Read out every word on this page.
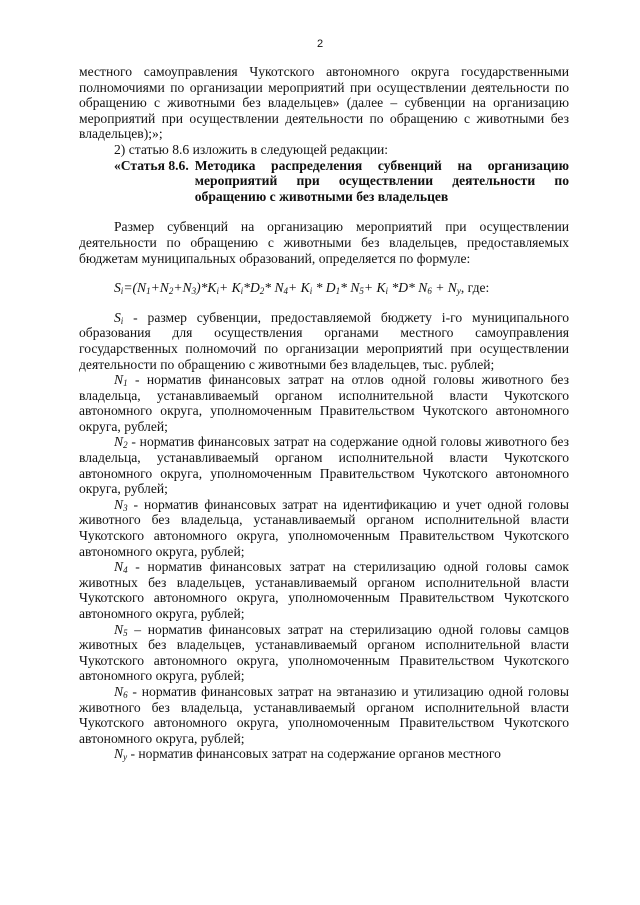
2

местного самоуправления Чукотского автономного округа государственными полномочиями по организации мероприятий при осуществлении деятельности по обращению с животными без владельцев» (далее – субвенции на организацию мероприятий при осуществлении деятельности по обращению с животными без владельцев);»;

2) статью 8.6 изложить в следующей редакции:

«Статья 8.6. Методика распределения субвенций на организацию мероприятий при осуществлении деятельности по обращению с животными без владельцев

Размер субвенций на организацию мероприятий при осуществлении деятельности по обращению с животными без владельцев, предоставляемых бюджетам муниципальных образований, определяется по формуле:

$S_i=(N_1+N_2+N_3)*K_i+ K_i*D_2*$ $N_4+ K_i * D_1*$ $N_5+ K_i$ *D* $N_6 + N_y$, где:

$S_i$ - размер субвенции, предоставляемой бюджету i-го муниципального образования для осуществления органами местного самоуправления государственных полномочий по организации мероприятий при осуществлении деятельности по обращению с животными без владельцев, тыс. рублей;

$N_1$ - норматив финансовых затрат на отлов одной головы животного без владельца, устанавливаемый органом исполнительной власти Чукотского автономного округа, уполномоченным Правительством Чукотского автономного округа, рублей;

$N_2$ - норматив финансовых затрат на содержание одной головы животного без владельца, устанавливаемый органом исполнительной власти Чукотского автономного округа, уполномоченным Правительством Чукотского автономного округа, рублей;

$N_3$ - норматив финансовых затрат на идентификацию и учет одной головы животного без владельца, устанавливаемый органом исполнительной власти Чукотского автономного округа, уполномоченным Правительством Чукотского автономного округа, рублей;

$N_4$ - норматив финансовых затрат на стерилизацию одной головы самок животных без владельцев, устанавливаемый органом исполнительной власти Чукотского автономного округа, уполномоченным Правительством Чукотского автономного округа, рублей;

$N_5$ – норматив финансовых затрат на стерилизацию одной головы самцов животных без владельцев, устанавливаемый органом исполнительной власти Чукотского автономного округа, уполномоченным Правительством Чукотского автономного округа, рублей;

$N_6$ - норматив финансовых затрат на эвтаназию и утилизацию одной головы животного без владельца, устанавливаемый органом исполнительной власти Чукотского автономного округа, уполномоченным Правительством Чукотского автономного округа, рублей;

$N_y$ - норматив финансовых затрат на содержание органов местного
